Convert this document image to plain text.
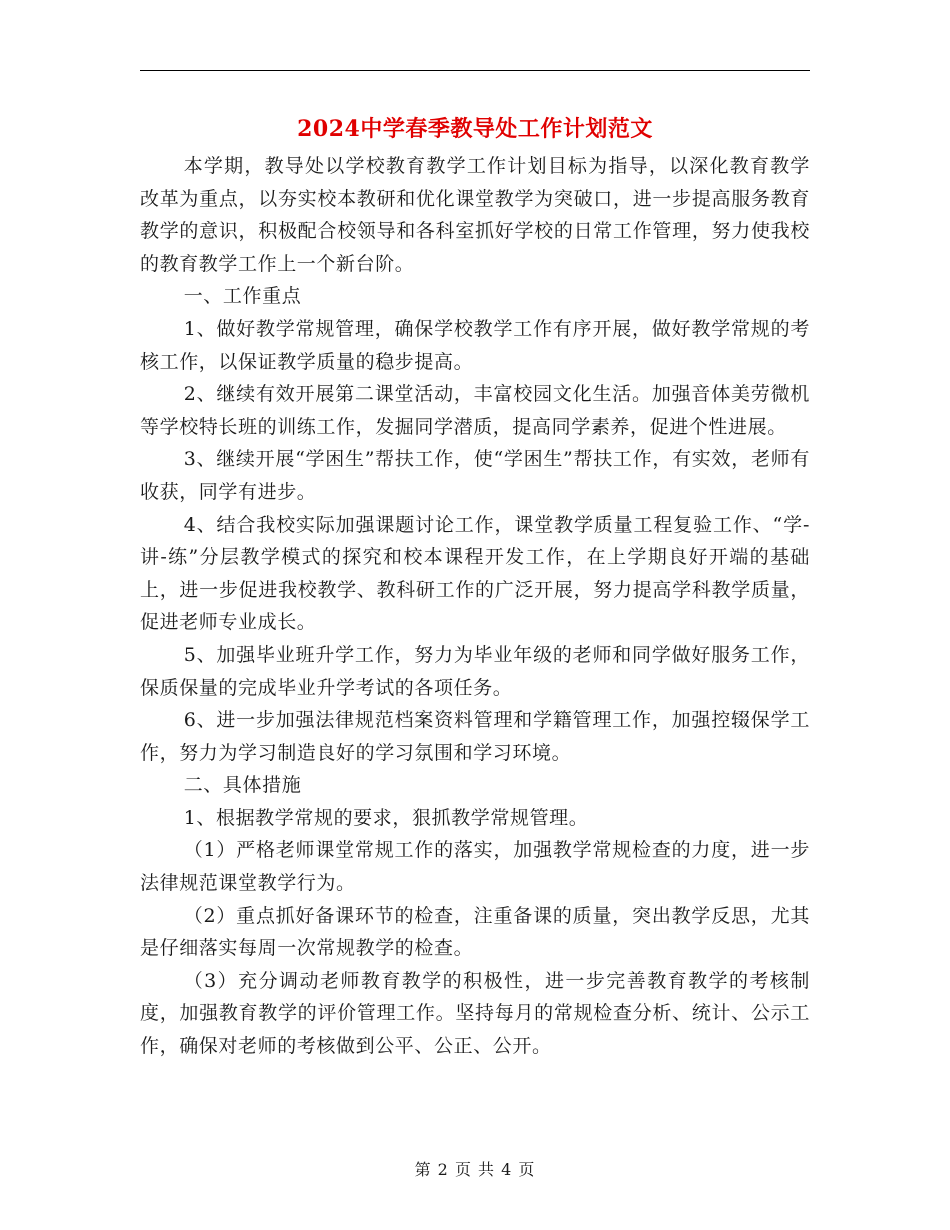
2024中学春季教导处工作计划范文

本学期，教导处以学校教育教学工作计划目标为指导，以深化教育教学改革为重点，以夯实校本教研和优化课堂教学为突破口，进一步提高服务教育教学的意识，积极配合校领导和各科室抓好学校的日常工作管理，努力使我校的教育教学工作上一个新台阶。

一、工作重点

1、做好教学常规管理，确保学校教学工作有序开展，做好教学常规的考核工作，以保证教学质量的稳步提高。

2、继续有效开展第二课堂活动，丰富校园文化生活。加强音体美劳微机等学校特长班的训练工作，发掘同学潜质，提高同学素养，促进个性进展。

3、继续开展“学困生”帮扶工作，使“学困生”帮扶工作，有实效，老师有收获，同学有进步。

4、结合我校实际加强课题讨论工作，课堂教学质量工程复验工作、“学-讲-练”分层教学模式的探究和校本课程开发工作，在上学期良好开端的基础上，进一步促进我校教学、教科研工作的广泛开展，努力提高学科教学质量，促进老师专业成长。

5、加强毕业班升学工作，努力为毕业年级的老师和同学做好服务工作，保质保量的完成毕业升学考试的各项任务。

6、进一步加强法律规范档案资料管理和学籍管理工作，加强控辍保学工作，努力为学习制造良好的学习氛围和学习环境。

二、具体措施

1、根据教学常规的要求，狠抓教学常规管理。

（1）严格老师课堂常规工作的落实，加强教学常规检查的力度，进一步法律规范课堂教学行为。

（2）重点抓好备课环节的检查，注重备课的质量，突出教学反思，尤其是仔细落实每周一次常规教学的检查。

（3）充分调动老师教育教学的积极性，进一步完善教育教学的考核制度，加强教育教学的评价管理工作。坚持每月的常规检查分析、统计、公示工作，确保对老师的考核做到公平、公正、公开。

第 2 页 共 4 页
